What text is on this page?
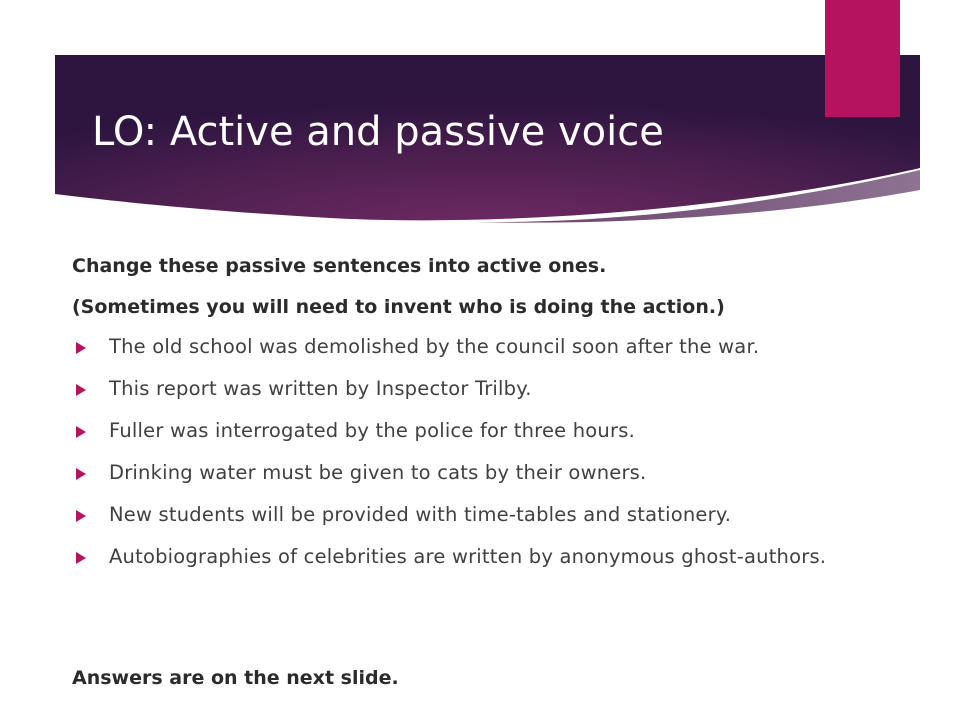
LO: Active and passive voice

Change these passive sentences into active ones.

(Sometimes you will need to invent who is doing the action.)

The old school was demolished by the council soon after the war.
This report was written by Inspector Trilby.
Fuller was interrogated by the police for three hours.
Drinking water must be given to cats by their owners.
New students will be provided with time-tables and stationery.
Autobiographies of celebrities are written by anonymous ghost-authors.

Answers are on the next slide.
